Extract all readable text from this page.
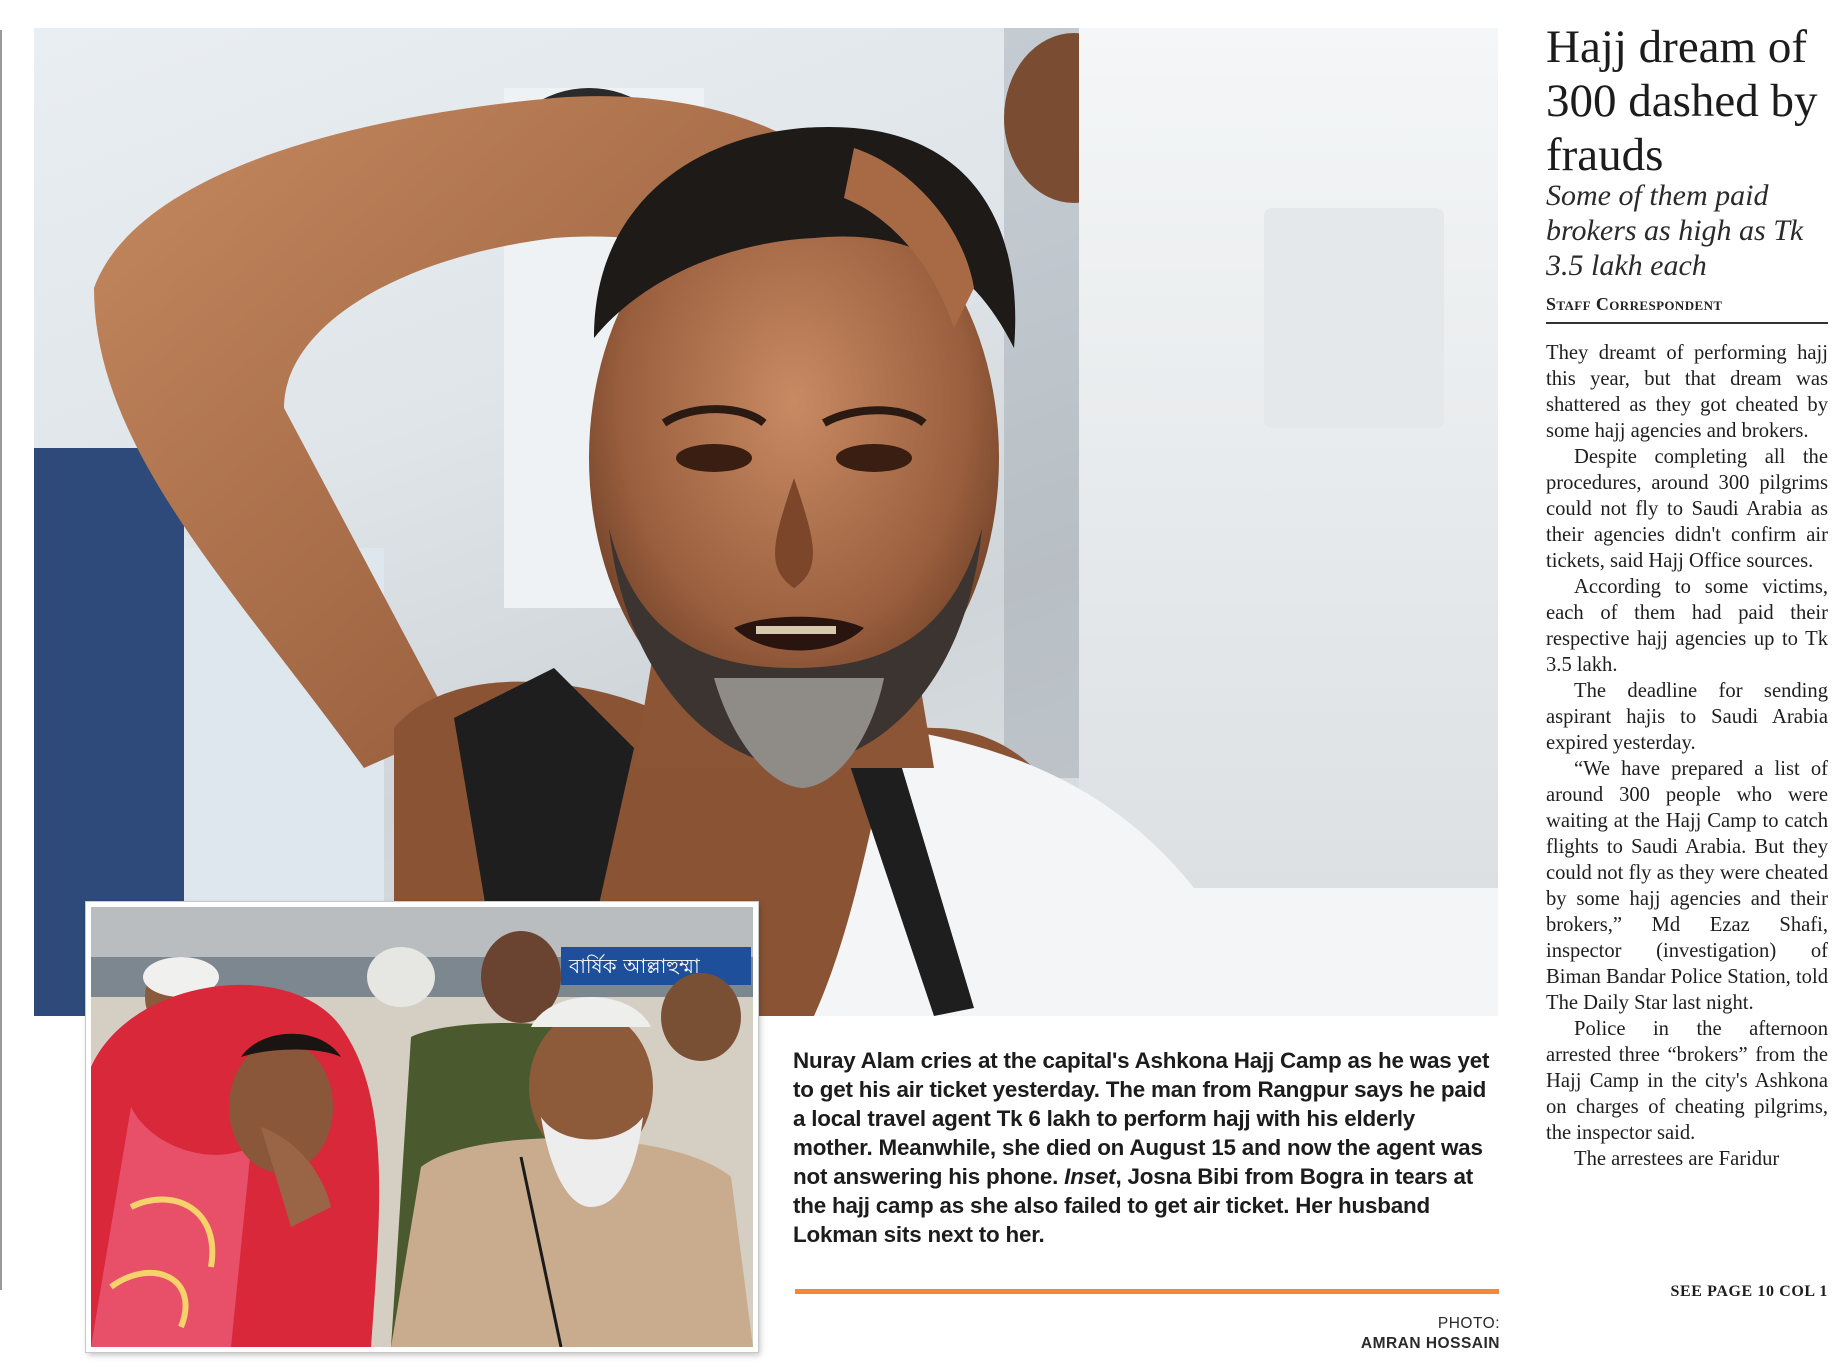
বার্ষিক আল্লাহুম্মা
Nuray Alam cries at the capital's Ashkona Hajj Camp as he was yet to get his air ticket yesterday. The man from Rangpur says he paid a local travel agent Tk 6 lakh to perform hajj with his elderly mother. Meanwhile, she died on August 15 and now the agent was not answering his phone. Inset, Josna Bibi from Bogra in tears at the hajj camp as she also failed to get air ticket. Her husband Lokman sits next to her.
PHOTO:
AMRAN HOSSAIN
Hajj dream of 300 dashed by frauds
Some of them paid brokers as high as Tk 3.5 lakh each
Staff Correspondent

They dreamt of performing hajj this year, but that dream was shattered as they got cheated by some hajj agencies and brokers.

Despite completing all the procedures, around 300 pilgrims could not fly to Saudi Arabia as their agencies didn't confirm air tickets, said Hajj Office sources.

According to some victims, each of them had paid their respective hajj agencies up to Tk 3.5 lakh.

The deadline for sending aspirant hajis to Saudi Arabia expired yesterday.

“We have prepared a list of around 300 people who were waiting at the Hajj Camp to catch flights to Saudi Arabia. But they could not fly as they were cheated by some hajj agencies and their brokers,” Md Ezaz Shafi, inspector (investigation) of Biman Bandar Police Station, told The Daily Star last night.

Police in the afternoon arrested three “brokers” from the Hajj Camp in the city's Ashkona on charges of cheating pilgrims, the inspector said.

The arrestees are Faridur

SEE PAGE 10 COL 1
